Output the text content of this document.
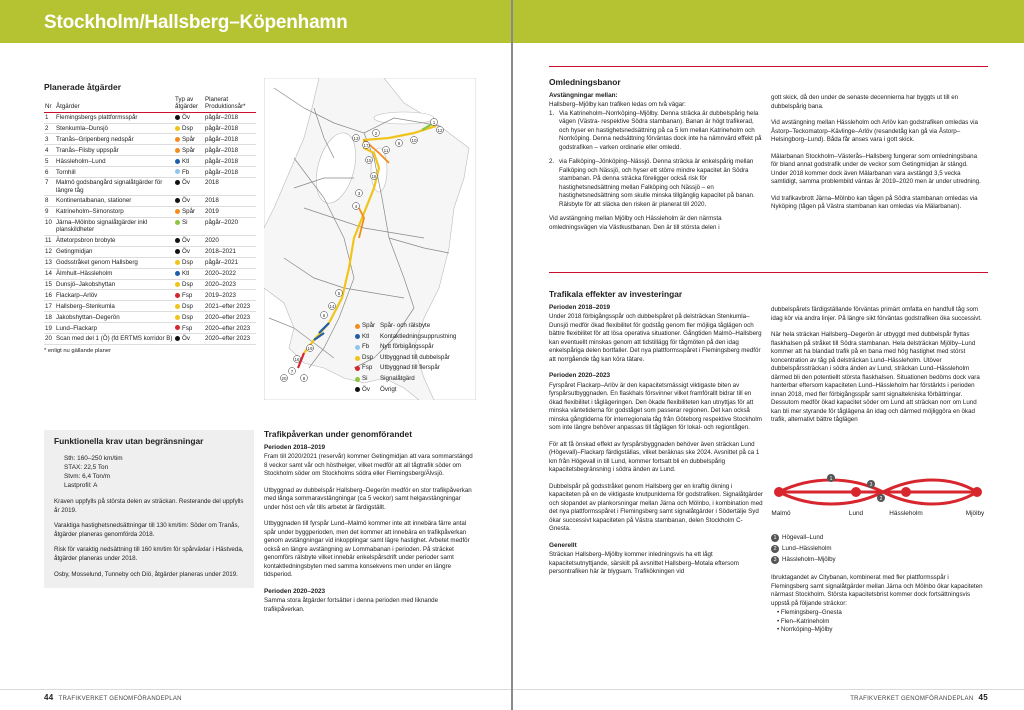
Stockholm/Hallsberg–Köpenhamn
Planerade åtgärder
Nr	Åtgärder	Typ av åtgärder	Planerat Produktionsår*
1	Flemingsbergs plattformsspår	Öv	pågår–2018
2	Stenkumla–Dunsjö	Dsp	pågår–2018
3	Tranås–Gripenberg nedspår	Spår	pågår–2018
4	Tranås–Flisby uppspår	Spår	pågår–2018
5	Hässleholm–Lund	Ktl	pågår–2018
6	Tornhill	Fb	pågår–2018
7	Malmö godsbangård signalåtgärder för längre tåg	Öv	2018
8	Kontinentalbanan, stationer	Öv	2018
9	Katrineholm–Simonstorp	Spår	2019
10	Järna–Mölnbo signalåtgärder inkl planskildheter	Si	pågår–2020
11	Ättetorpsbron brobyte	Öv	2020
12	Getingmidjan	Öv	2018–2021
13	Godsstråket genom Hallsberg	Dsp	pågår–2021
14	Älmhult–Hässleholm	Ktl	2020–2022
15	Dunsjö–Jakobshyttan	Dsp	2020–2023
16	Flackarp–Arlöv	Fsp	2019–2023
17	Hallsberg–Stenkumla	Dsp	2021–efter 2023
18	Jakobshyttan–Degerön	Dsp	2020–efter 2023
19	Lund–Flackarp	Fsp	2020–efter 2023
20	Scan med del 1 (Ö) (fd ERTMS korridor B)	Öv	2020–efter 2023
* enligt nu gällande planer
1
2
3
4
5
6
7
8
9
10
11
12
13
14
15
16
17
18
19
20
Spår Spår- och rälsbyte
Ktl	Kontaktledningsupprustning
Fb	Nytt förbigångsspår
Dsp	Utbyggnad till dubbelspår
Fsp	Utbyggnad till flerspår
Si	Signalåtgärd
Öv	Övrigt
Funktionella krav utan begränsningar
Sth: 160–250 km/tim
STAX: 22,5 Ton
Stvm: 6,4 Ton/m
Lastprofil: A

Kraven uppfylls på största delen av sträckan. Resterande del uppfylls år 2019.

Varaktiga hastighetsnedsättningar till 130 km/tim: Söder om Tranås, åtgärder planeras genomförda 2018.

Risk för varaktig nedsättning till 160 km/tim för spårväxlar i Hästveda, åtgärder planeras under 2018.

Osby, Mosselund, Tunneby och Diö, åtgärder planeras under 2019.

Trafikpåverkan under genomförandet
Perioden 2018–2019

Fram till 2020/2021 (reservår) kommer Getingmidjan att vara sommarstängd 8 veckor samt vår och hösthelger, vilket medför att all tågtrafik söder om Stockholm söder om Stockholms södra eller Flemingsberg/Älvsjö.

Utbyggnad av dubbelspår Hallsberg–Degerön medför en stor trafikpåverkan med långa sommaravstängningar (ca 5 veckor) samt helgavstängningar under höst och vår tills arbetet är färdigställt.

Utbyggnaden till fyrspår Lund–Malmö kommer inte att innebära färre antal spår under byggperioden, men det kommer att innebära en trafikpåverkan genom avstängningar vid inkopplingar samt lägre hastighet. Arbetet medför också en längre avstängning av Lommabanan i perioden. På sträcket genomförs rälsbyte vilket innebär enkelspårsdrift under perioder samt kontaktledningsbyten med samma konsekvens men under en längre tidsperiod.

Perioden 2020–2023

Samma stora åtgärder fortsätter i denna perioden med liknande trafikpåverkan.

44 TRAFIKVERKET GENOMFÖRANDEPLAN
Omledningsbanor
Avstängningar mellan:
Hallsberg–Mjölby kan trafiken ledas om två vägar:
1. Via Katrineholm–Norrköping–Mjölby. Denna sträcka är dubbelspårig hela vägen (Västra- respektive Södra stambanan). Banan är högt trafikerad, och hyser en hastighetsnedsättning på ca 5 km mellan Katrineholm och Norrköping. Denna nedsättning förväntas dock inte ha nämnvärd effekt på godstrafiken – varken ordinarie eller omledd.
2. via Falköping–Jönköping–Nässjö. Denna sträcka är enkelspårig mellan Falköping och Nässjö, och hyser ett större mindre kapacitet än Södra stambanan. På denna sträcka föreligger också risk för hastighetsnedsättning mellan Falköping och Nässjö – en hastighetsnedsättning som skulle minska tillgänglig kapacitet på banan. Rälsbyte för att släcka den risken är planerat till 2020.

Vid avstängning mellan Mjölby och Hässleholm är den närmsta omledningsvägen via Västkustbanan. Den är till största delen i

gott skick, då den under de senaste decennierna har byggts ut till en dubbelspårig bana.

Vid avstängning mellan Hässleholm och Arlöv kan godstrafiken omledas via Åstorp–Teckomatorp–Kävlinge–Arlöv (resandetåg kan gå via Åstorp–Helsingborg–Lund). Båda får anses vara i gott skick.

Mälarbanan Stockholm–Västerås–Hallsberg fungerar som omledningsbana för bland annat godstrafik under de veckor som Getingmidjan är stängd. Under 2018 kommer dock även Mälarbanan vara avstängd 3,5 vecka samtidigt, samma problembild väntas år 2019–2020 men är under utredning.

Vid trafikavbrott Järna–Mölnbo kan tågen på Södra stambanan omledas via Nyköping (tågen på Västra stambanan kan omledas via Mälarbanan).

Trafikala effekter av investeringar
Perioden 2018–2019

Under 2018 förbigångsspår och dubbelspåret på delsträckan Stenkumla–Dunsjö medför ökad flexibilitet för godståg genom fler möjliga tåglägen och bättre flexibilitet för att lösa operativa situationer. Gångtiden Malmö–Hallsberg kan eventuellt minskas genom att tidstillägg för tågmöten på den idag enkelspåriga delen bortfaller. Det nya plattformsspåret i Flemingsberg medför att norrgående tåg kan köra tätare.

Perioden 2020–2023

Fyrspåret Flackarp–Arlöv är den kapacitetsmässigt viktigaste biten av fyrspårsutbyggnaden. En flaskhals försvinner vilket framförallt bidrar till en ökad flexibilitet i tåglägeringen. Den ökade flexibiliteten kan utnyttjas för att minska väntetiderna för godståget som passerar regionen. Det kan också minska gångtiderna för interregionala tåg från Göteborg respektive Stockholm som inte längre behöver anpassas till tåglägen för lokal- och regiontågen.

För att få önskad effekt av fyrspårsbyggnaden behöver även sträckan Lund (Högevall)–Flackarp färdigställas, vilket beräknas ske 2024. Avsnittet på ca 1 km från Högevall in till Lund, kommer fortsatt bli en dubbelspårig kapacitetsbegränsning i södra änden av Lund.

Dubbelspår på godsstråket genom Hallsberg ger en kraftig ökning i kapaciteten på en de viktigaste knutpunkterna för godstrafiken. Signalåtgärder och slopandet av plankorsningar mellan Järna och Mölnbo, i kombination med det nya plattformsspåret i Flemingsberg samt signalåtgärder i Södertälje Syd ökar successivt kapaciteten på Västra stambanan, delen Stockholm C-Gnesta.

Generellt

Sträckan Hallsberg–Mjölby kommer inledningsvis ha ett lågt kapacitetsutnyttjande, särskilt på avsnittet Hallsberg–Motala eftersom persontrafiken här är blygsam. Trafikökningen vid

dubbelspårets färdigställande förväntas primärt omfatta en handfull tåg som idag kör via andra linjer. På längre sikt förväntas godstrafiken öka successivt.

När hela sträckan Hallsberg–Degerön är utbyggd med dubbelspår flyttas flaskhalsen på stråket till Södra stambanan. Hela delsträckan Mjölby–Lund kommer att ha blandad trafik på en bana med hög hastighet med störst koncentration av tåg på delsträckan Lund–Hässleholm. Utöver dubbelspårssträckan i södra änden av Lund, sträckan Lund–Hässleholm därmed bli den potentiellt största flaskhalsen. Situationen bedöms dock vara hanterbar eftersom kapaciteten Lund–Hässleholm har förstärkts i perioden innan 2018, med fler förbigångsspår samt signaltekniska förbättringar. Dessutom medför ökad kapacitet söder om Lund att sträckan norr om Lund kan bli mer styrande för tåglägena än idag och därmed möjliggöra en ökad trafik, alternativt bättre tåglägen

1
2
3
Malmö	Lund	Hässleholm	Mjölby
1 Högevall–Lund
2 Lund–Hässleholm
3 Hässleholm–Mjölby

Ibruktagandet av Citybanan, kombinerat med fler plattformsspår i Flemingsberg samt signalåtgärder mellan Järna och Mölnbo ökar kapaciteten närmast Stockholm. Största kapacitetsbrist kommer dock fortsättningsvis uppstå på följande sträckor:

• Flemingsberg–Gnesta
• Flen–Katrineholm
• Norrköping–Mjölby
TRAFIKVERKET GENOMFÖRANDEPLAN 45
